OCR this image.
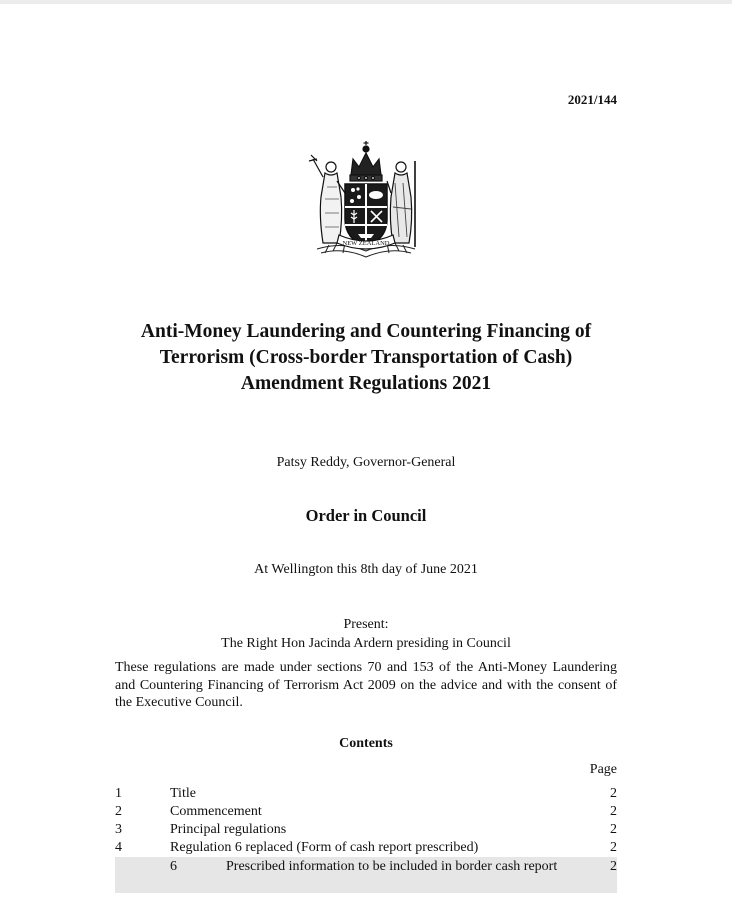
2021/144
NEW ZEALAND
Anti-Money Laundering and Countering Financing of
Terrorism (Cross-border Transportation of Cash)
Amendment Regulations 2021
Patsy Reddy, Governor-General
Order in Council
At Wellington this 8th day of June 2021
Present:
The Right Hon Jacinda Ardern presiding in Council
These regulations are made under sections 70 and 153 of the Anti-Money Laundering and Countering Financing of Terrorism Act 2009 on the advice and with the consent of the Executive Council.
Contents
Page
1	Title	2
2	Commencement	2
3	Principal regulations	2
4	Regulation 6 replaced (Form of cash report prescribed)	2
6	Prescribed information to be included in border cash report	2
